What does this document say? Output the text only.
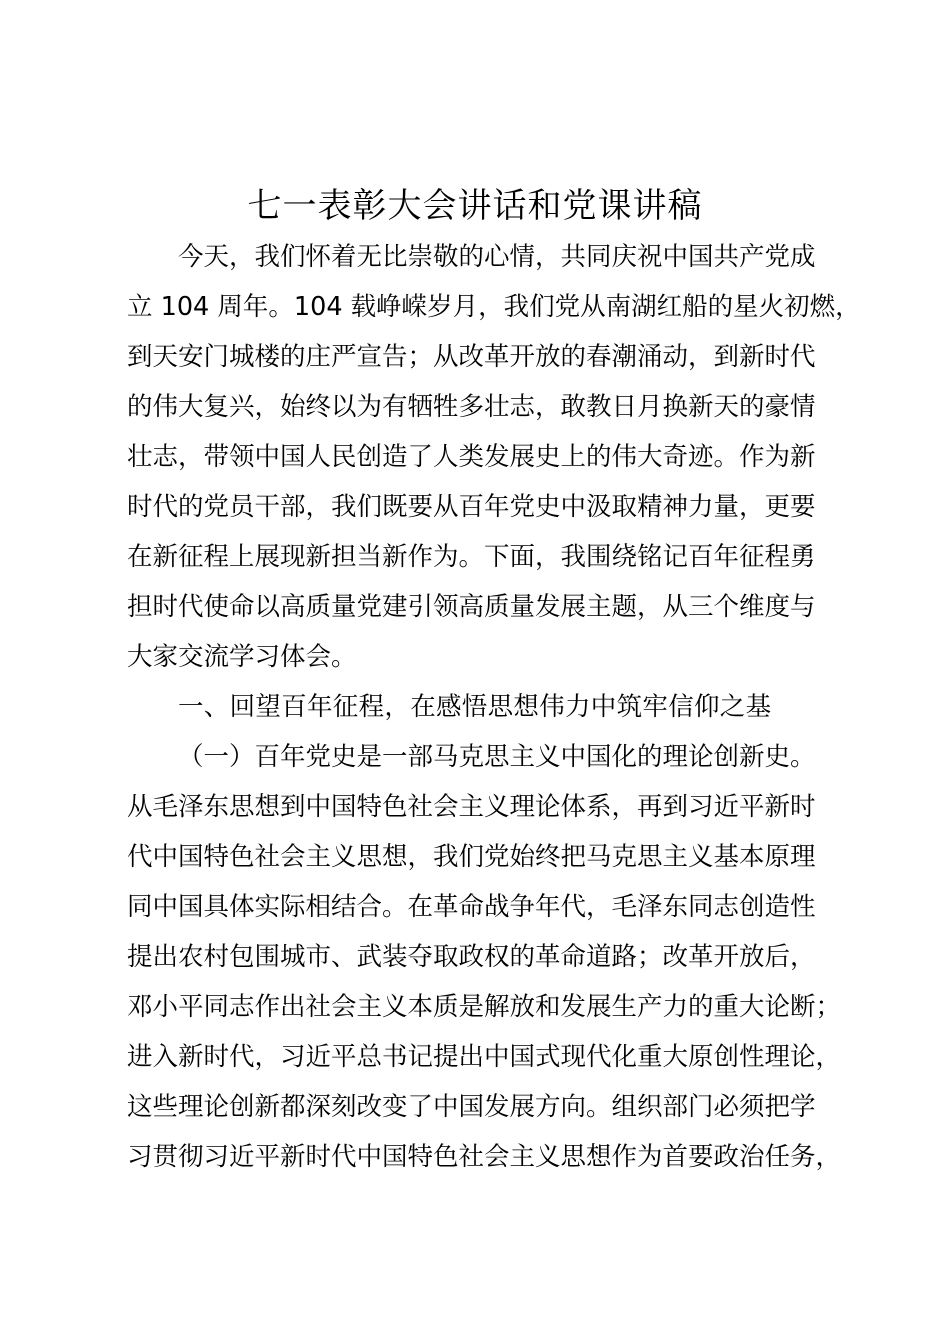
七一表彰大会讲话和党课讲稿

今天，我们怀着无比崇敬的心情，共同庆祝中国共产党成

立 104 周年。104 载峥嵘岁月，我们党从南湖红船的星火初燃，

到天安门城楼的庄严宣告；从改革开放的春潮涌动，到新时代

的伟大复兴，始终以为有牺牲多壮志，敢教日月换新天的豪情

壮志，带领中国人民创造了人类发展史上的伟大奇迹。作为新

时代的党员干部，我们既要从百年党史中汲取精神力量，更要

在新征程上展现新担当新作为。下面，我围绕铭记百年征程勇

担时代使命以高质量党建引领高质量发展主题，从三个维度与

大家交流学习体会。

一、回望百年征程，在感悟思想伟力中筑牢信仰之基

（一）百年党史是一部马克思主义中国化的理论创新史。

从毛泽东思想到中国特色社会主义理论体系，再到习近平新时

代中国特色社会主义思想，我们党始终把马克思主义基本原理

同中国具体实际相结合。在革命战争年代，毛泽东同志创造性

提出农村包围城市、武装夺取政权的革命道路；改革开放后，

邓小平同志作出社会主义本质是解放和发展生产力的重大论断；

进入新时代，习近平总书记提出中国式现代化重大原创性理论，

这些理论创新都深刻改变了中国发展方向。组织部门必须把学

习贯彻习近平新时代中国特色社会主义思想作为首要政治任务，
